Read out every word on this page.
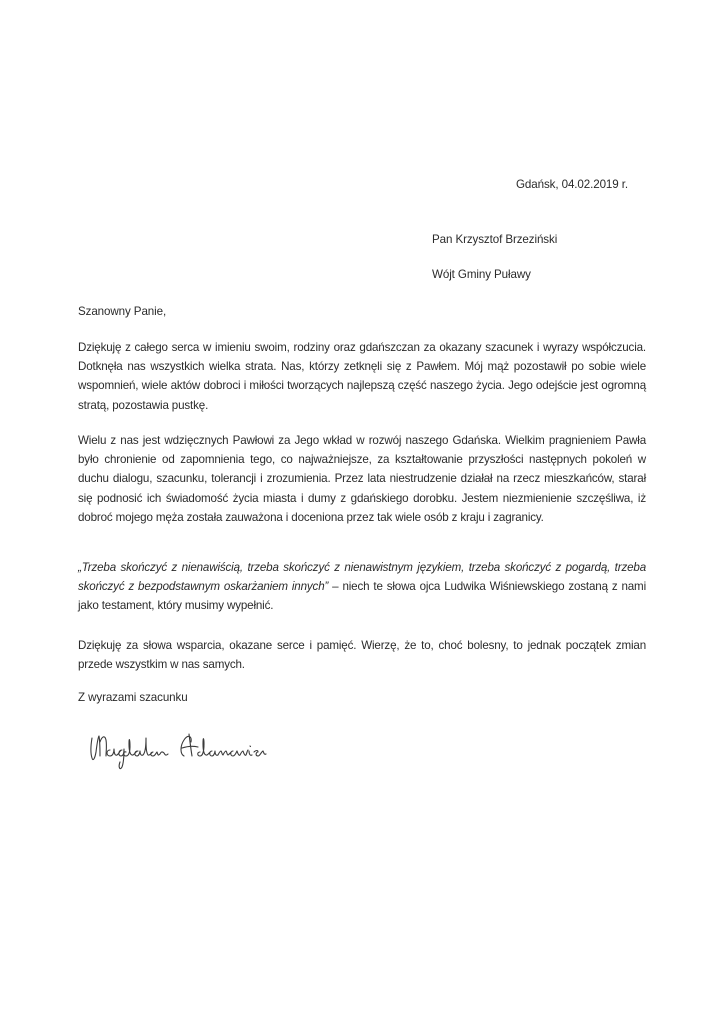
Gdańsk, 04.02.2019 r.
Pan Krzysztof Brzeziński
Wójt Gminy Puławy
Szanowny Panie,

Dziękuję z całego serca w imieniu swoim, rodziny oraz gdańszczan za okazany szacunek i wyrazy współczucia. Dotknęła nas wszystkich wielka strata. Nas, którzy zetknęli się z Pawłem. Mój mąż pozostawił po sobie wiele wspomnień, wiele aktów dobroci i miłości tworzących najlepszą część naszego życia. Jego odejście jest ogromną stratą, pozostawia pustkę.

Wielu z nas jest wdzięcznych Pawłowi za Jego wkład w rozwój naszego Gdańska. Wielkim pragnieniem Pawła było chronienie od zapomnienia tego, co najważniejsze, za kształtowanie przyszłości następnych pokoleń w duchu dialogu, szacunku, tolerancji i zrozumienia. Przez lata niestrudzenie działał na rzecz mieszkańców, starał się podnosić ich świadomość życia miasta i dumy z gdańskiego dorobku. Jestem niezmienienie szczęśliwa, iż dobroć mojego męża została zauważona i doceniona przez tak wiele osób z kraju i zagranicy.

„Trzeba skończyć z nienawiścią, trzeba skończyć z nienawistnym językiem, trzeba skończyć z pogardą, trzeba skończyć z bezpodstawnym oskarżaniem innych” – niech te słowa ojca Ludwika Wiśniewskiego zostaną z nami jako testament, który musimy wypełnić.

Dziękuję za słowa wsparcia, okazane serce i pamięć. Wierzę, że to, choć bolesny, to jednak początek zmian przede wszystkim w nas samych.

Z wyrazami szacunku
